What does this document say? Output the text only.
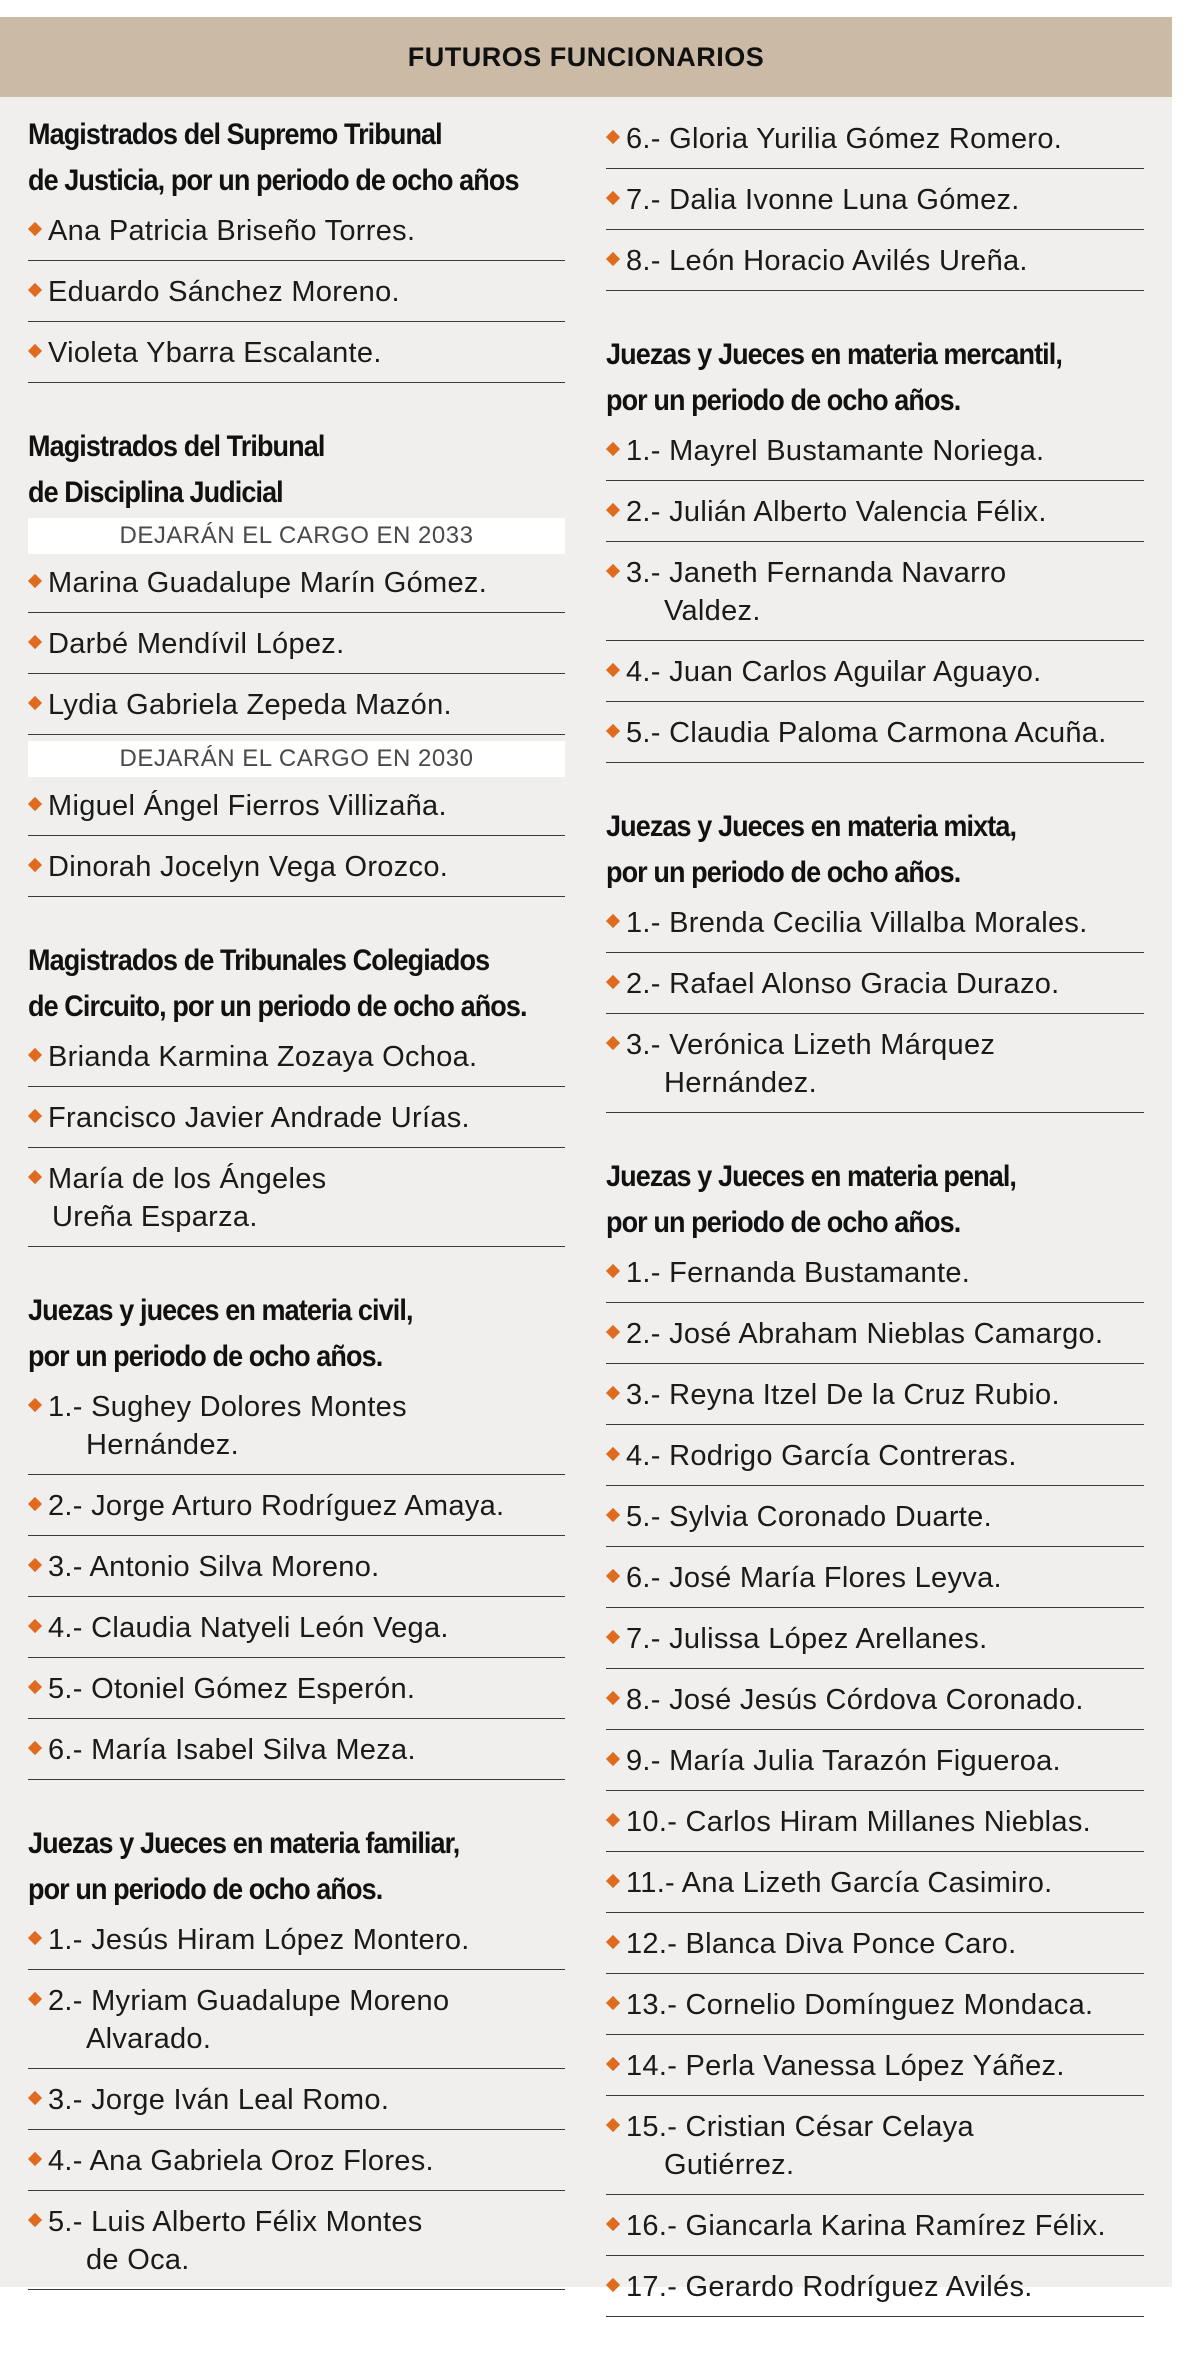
FUTUROS FUNCIONARIOS
Magistrados del Supremo Tribunal
de Justicia, por un periodo de ocho años
Ana Patricia Briseño Torres.
Eduardo Sánchez Moreno.
Violeta Ybarra Escalante.
Magistrados del Tribunal
de Disciplina Judicial
DEJARÁN EL CARGO EN 2033
Marina Guadalupe Marín Gómez.
Darbé Mendívil López.
Lydia Gabriela Zepeda Mazón.
DEJARÁN EL CARGO EN 2030
Miguel Ángel Fierros Villizaña.
Dinorah Jocelyn Vega Orozco.
Magistrados de Tribunales Colegiados
de Circuito, por un periodo de ocho años.
Brianda Karmina Zozaya Ochoa.
Francisco Javier Andrade Urías.
María de los Ángeles
Ureña Esparza.
Juezas y jueces en materia civil,
por un periodo de ocho años.
1.- Sughey Dolores Montes
Hernández.
2.- Jorge Arturo Rodríguez Amaya.
3.- Antonio Silva Moreno.
4.- Claudia Natyeli León Vega.
5.- Otoniel Gómez Esperón.
6.- María Isabel Silva Meza.
Juezas y Jueces en materia familiar,
por un periodo de ocho años.
1.- Jesús Hiram López Montero.
2.- Myriam Guadalupe Moreno
Alvarado.
3.- Jorge Iván Leal Romo.
4.- Ana Gabriela Oroz Flores.
5.- Luis Alberto Félix Montes
de Oca.
6.- Gloria Yurilia Gómez Romero.
7.- Dalia Ivonne Luna Gómez.
8.- León Horacio Avilés Ureña.
Juezas y Jueces en materia mercantil,
por un periodo de ocho años.
1.- Mayrel Bustamante Noriega.
2.- Julián Alberto Valencia Félix.
3.- Janeth Fernanda Navarro
Valdez.
4.- Juan Carlos Aguilar Aguayo.
5.- Claudia Paloma Carmona Acuña.
Juezas y Jueces en materia mixta,
por un periodo de ocho años.
1.- Brenda Cecilia Villalba Morales.
2.- Rafael Alonso Gracia Durazo.
3.- Verónica Lizeth Márquez
Hernández.
Juezas y Jueces en materia penal,
por un periodo de ocho años.
1.- Fernanda Bustamante.
2.- José Abraham Nieblas Camargo.
3.- Reyna Itzel De la Cruz Rubio.
4.- Rodrigo García Contreras.
5.- Sylvia Coronado Duarte.
6.- José María Flores Leyva.
7.- Julissa López Arellanes.
8.- José Jesús Córdova Coronado.
9.- María Julia Tarazón Figueroa.
10.- Carlos Hiram Millanes Nieblas.
11.- Ana Lizeth García Casimiro.
12.- Blanca Diva Ponce Caro.
13.- Cornelio Domínguez Mondaca.
14.- Perla Vanessa López Yáñez.
15.- Cristian César Celaya
Gutiérrez.
16.- Giancarla Karina Ramírez Félix.
17.- Gerardo Rodríguez Avilés.
